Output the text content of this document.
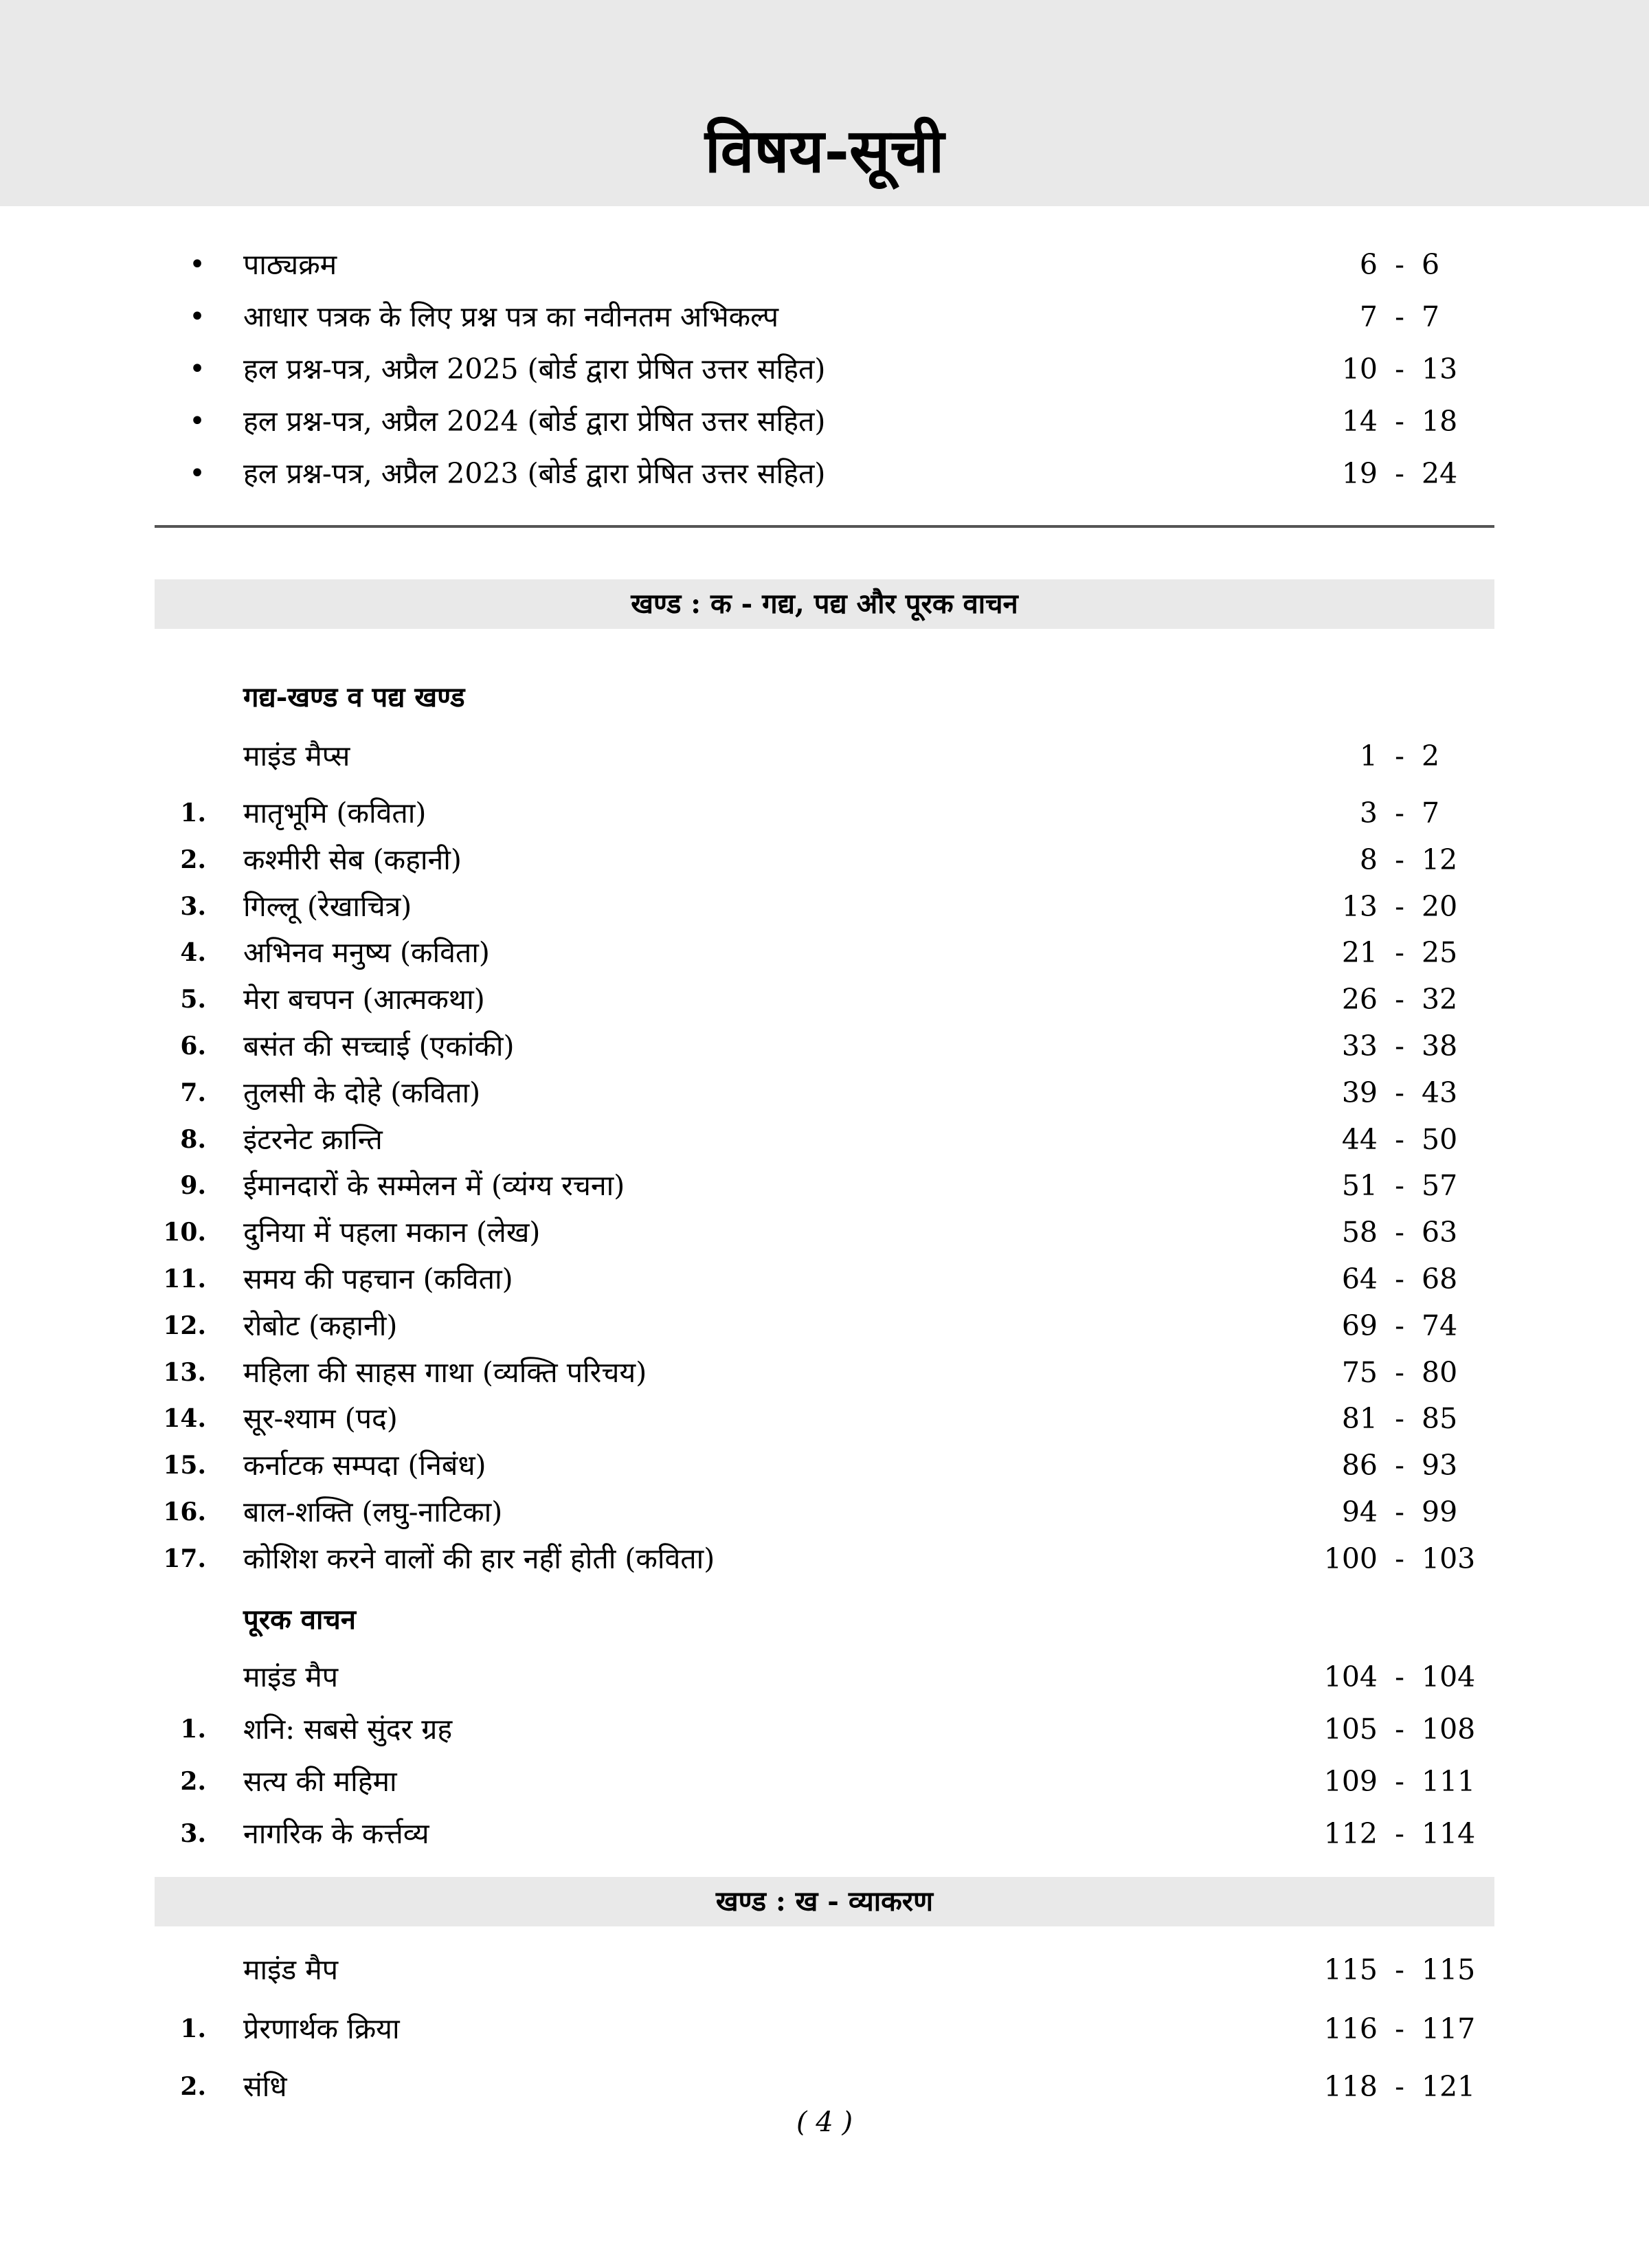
विषय-सूची
• पाठ्यक्रम	6 - 6
• आधार पत्रक के लिए प्रश्न पत्र का नवीनतम अभिकल्प	7 - 7
• हल प्रश्न-पत्र, अप्रैल 2025 (बोर्ड द्वारा प्रेषित उत्तर सहित)	10 - 13
• हल प्रश्न-पत्र, अप्रैल 2024 (बोर्ड द्वारा प्रेषित उत्तर सहित)	14 - 18
• हल प्रश्न-पत्र, अप्रैल 2023 (बोर्ड द्वारा प्रेषित उत्तर सहित)	19 - 24
खण्ड : क - गद्य, पद्य और पूरक वाचन
गद्य-खण्ड व पद्य खण्ड
माइंड मैप्स	1 - 2
1. मातृभूमि (कविता)	3 - 7
2. कश्मीरी सेब (कहानी)	8 - 12
3. गिल्लू (रेखाचित्र)	13 - 20
4. अभिनव मनुष्य (कविता)	21 - 25
5. मेरा बचपन (आत्मकथा)	26 - 32
6. बसंत की सच्चाई (एकांकी)	33 - 38
7. तुलसी के दोहे (कविता)	39 - 43
8. इंटरनेट क्रान्ति	44 - 50
9. ईमानदारों के सम्मेलन में (व्यंग्य रचना)	51 - 57
10. दुनिया में पहला मकान (लेख)	58 - 63
11. समय की पहचान (कविता)	64 - 68
12. रोबोट (कहानी)	69 - 74
13. महिला की साहस गाथा (व्यक्ति परिचय)	75 - 80
14. सूर-श्याम (पद)	81 - 85
15. कर्नाटक सम्पदा (निबंध)	86 - 93
16. बाल-शक्ति (लघु-नाटिका)	94 - 99
17. कोशिश करने वालों की हार नहीं होती (कविता)	100 - 103
पूरक वाचन
माइंड मैप	104 - 104
1. शनि: सबसे सुंदर ग्रह	105 - 108
2. सत्य की महिमा	109 - 111
3. नागरिक के कर्त्तव्य	112 - 114
खण्ड : ख - व्याकरण
माइंड मैप	115 - 115
1. प्रेरणार्थक क्रिया	116 - 117
2. संधि	118 - 121
( 4 )
